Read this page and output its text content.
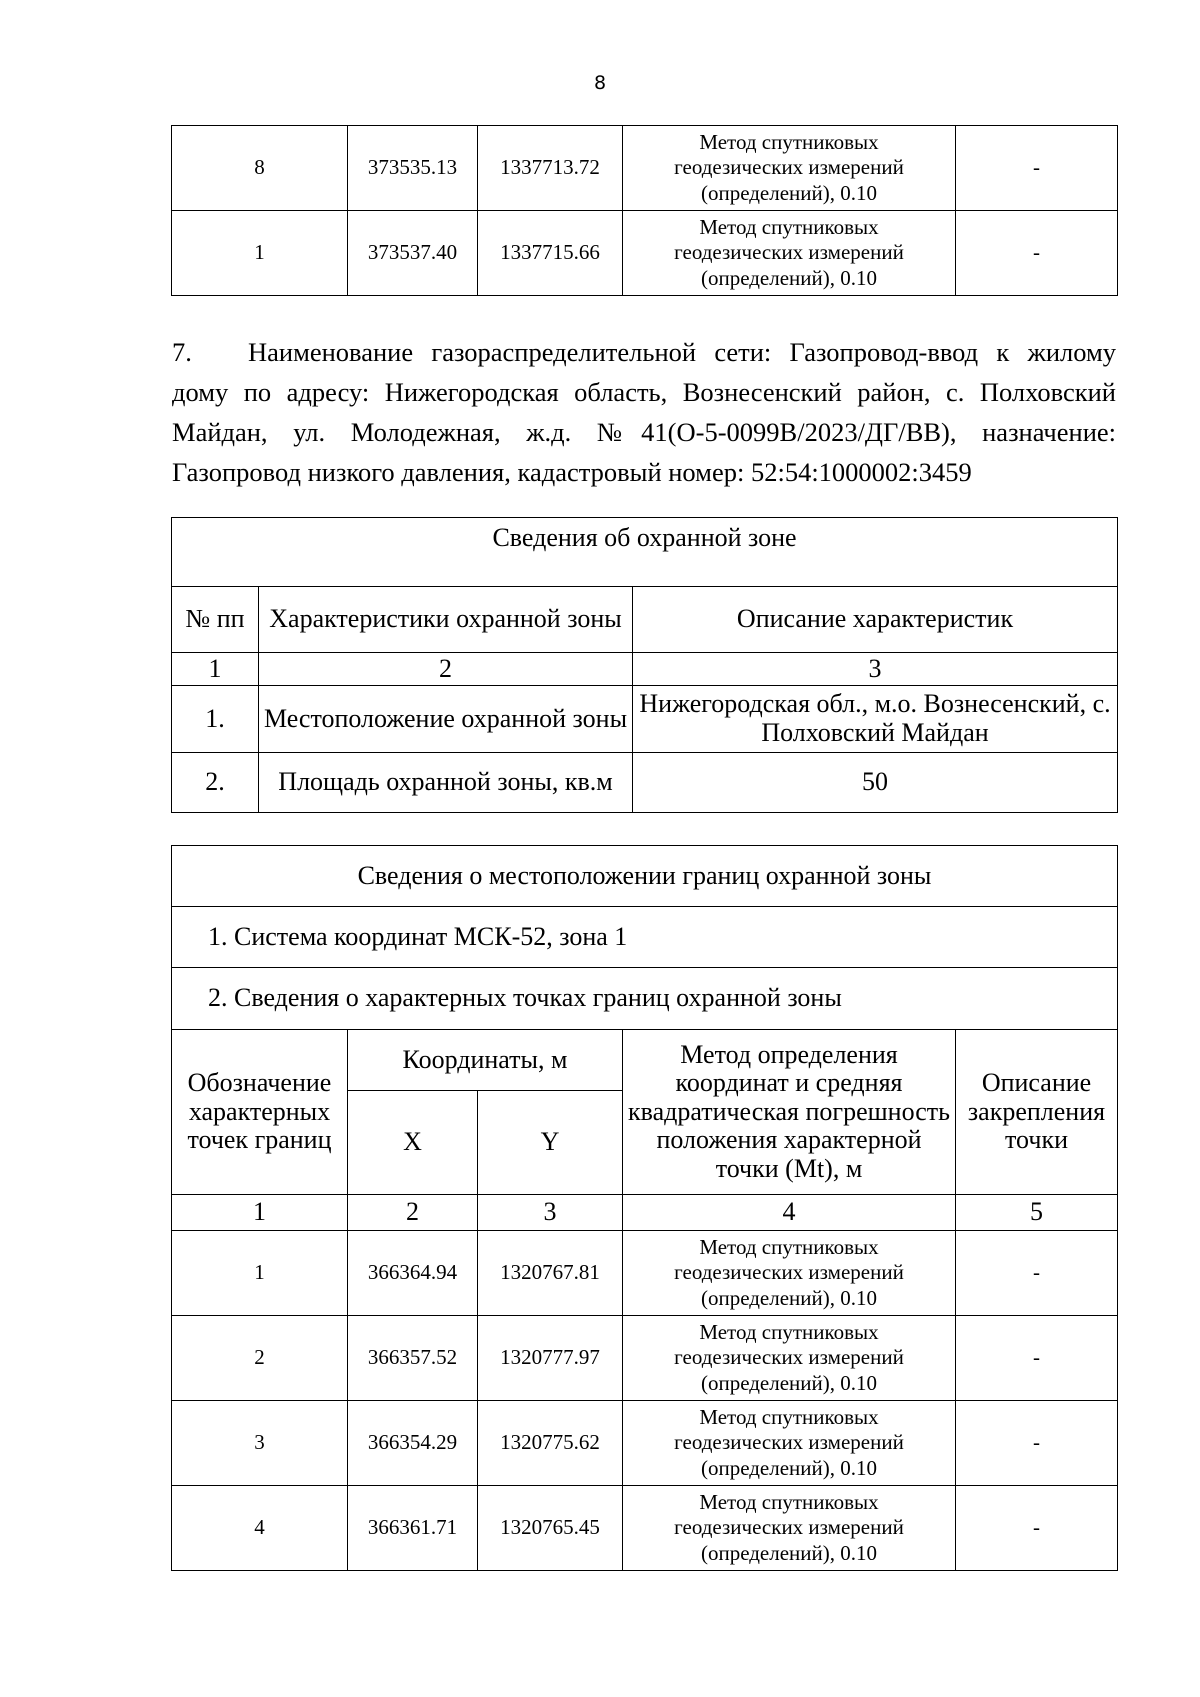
8
8	373535.13	1337713.72	Метод спутниковых
геодезических измерений
(определений), 0.10	-
1	373537.40	1337715.66	Метод спутниковых
геодезических измерений
(определений), 0.10	-
7. Наименование газораспределительной сети: Газопровод-ввод к жилому дому по адресу: Нижегородская область, Вознесенский район, с. Полховский Майдан, ул. Молодежная, ж.д. №41(О-5-0099В/2023/ДГ/ВВ), назначение: Газопровод низкого давления, кадастровый номер: 52:54:1000002:3459
Сведения об охранной зоне		
№ пп	Характеристики охранной зоны	Описание характеристик
1	2	3
1.	Местоположение охранной зоны	Нижегородская обл., м.о. Вознесенский, с. Полховский Майдан
2.	Площадь охранной зоны, кв.м	50
Сведения о местоположении границ охранной зоны				
1. Система координат МСК-52, зона 1				
2. Сведения о характерных точках границ охранной зоны				
Обозначение характерных точек границ	Координаты, м		Метод определения координат и средняя квадратическая погрешность положения характерной точки (Mt), м	Описание закрепления точки
	X	Y		
1	2	3	4	5
1	366364.94	1320767.81	Метод спутниковых
геодезических измерений
(определений), 0.10	-
2	366357.52	1320777.97	Метод спутниковых
геодезических измерений
(определений), 0.10	-
3	366354.29	1320775.62	Метод спутниковых
геодезических измерений
(определений), 0.10	-
4	366361.71	1320765.45	Метод спутниковых
геодезических измерений
(определений), 0.10	-
